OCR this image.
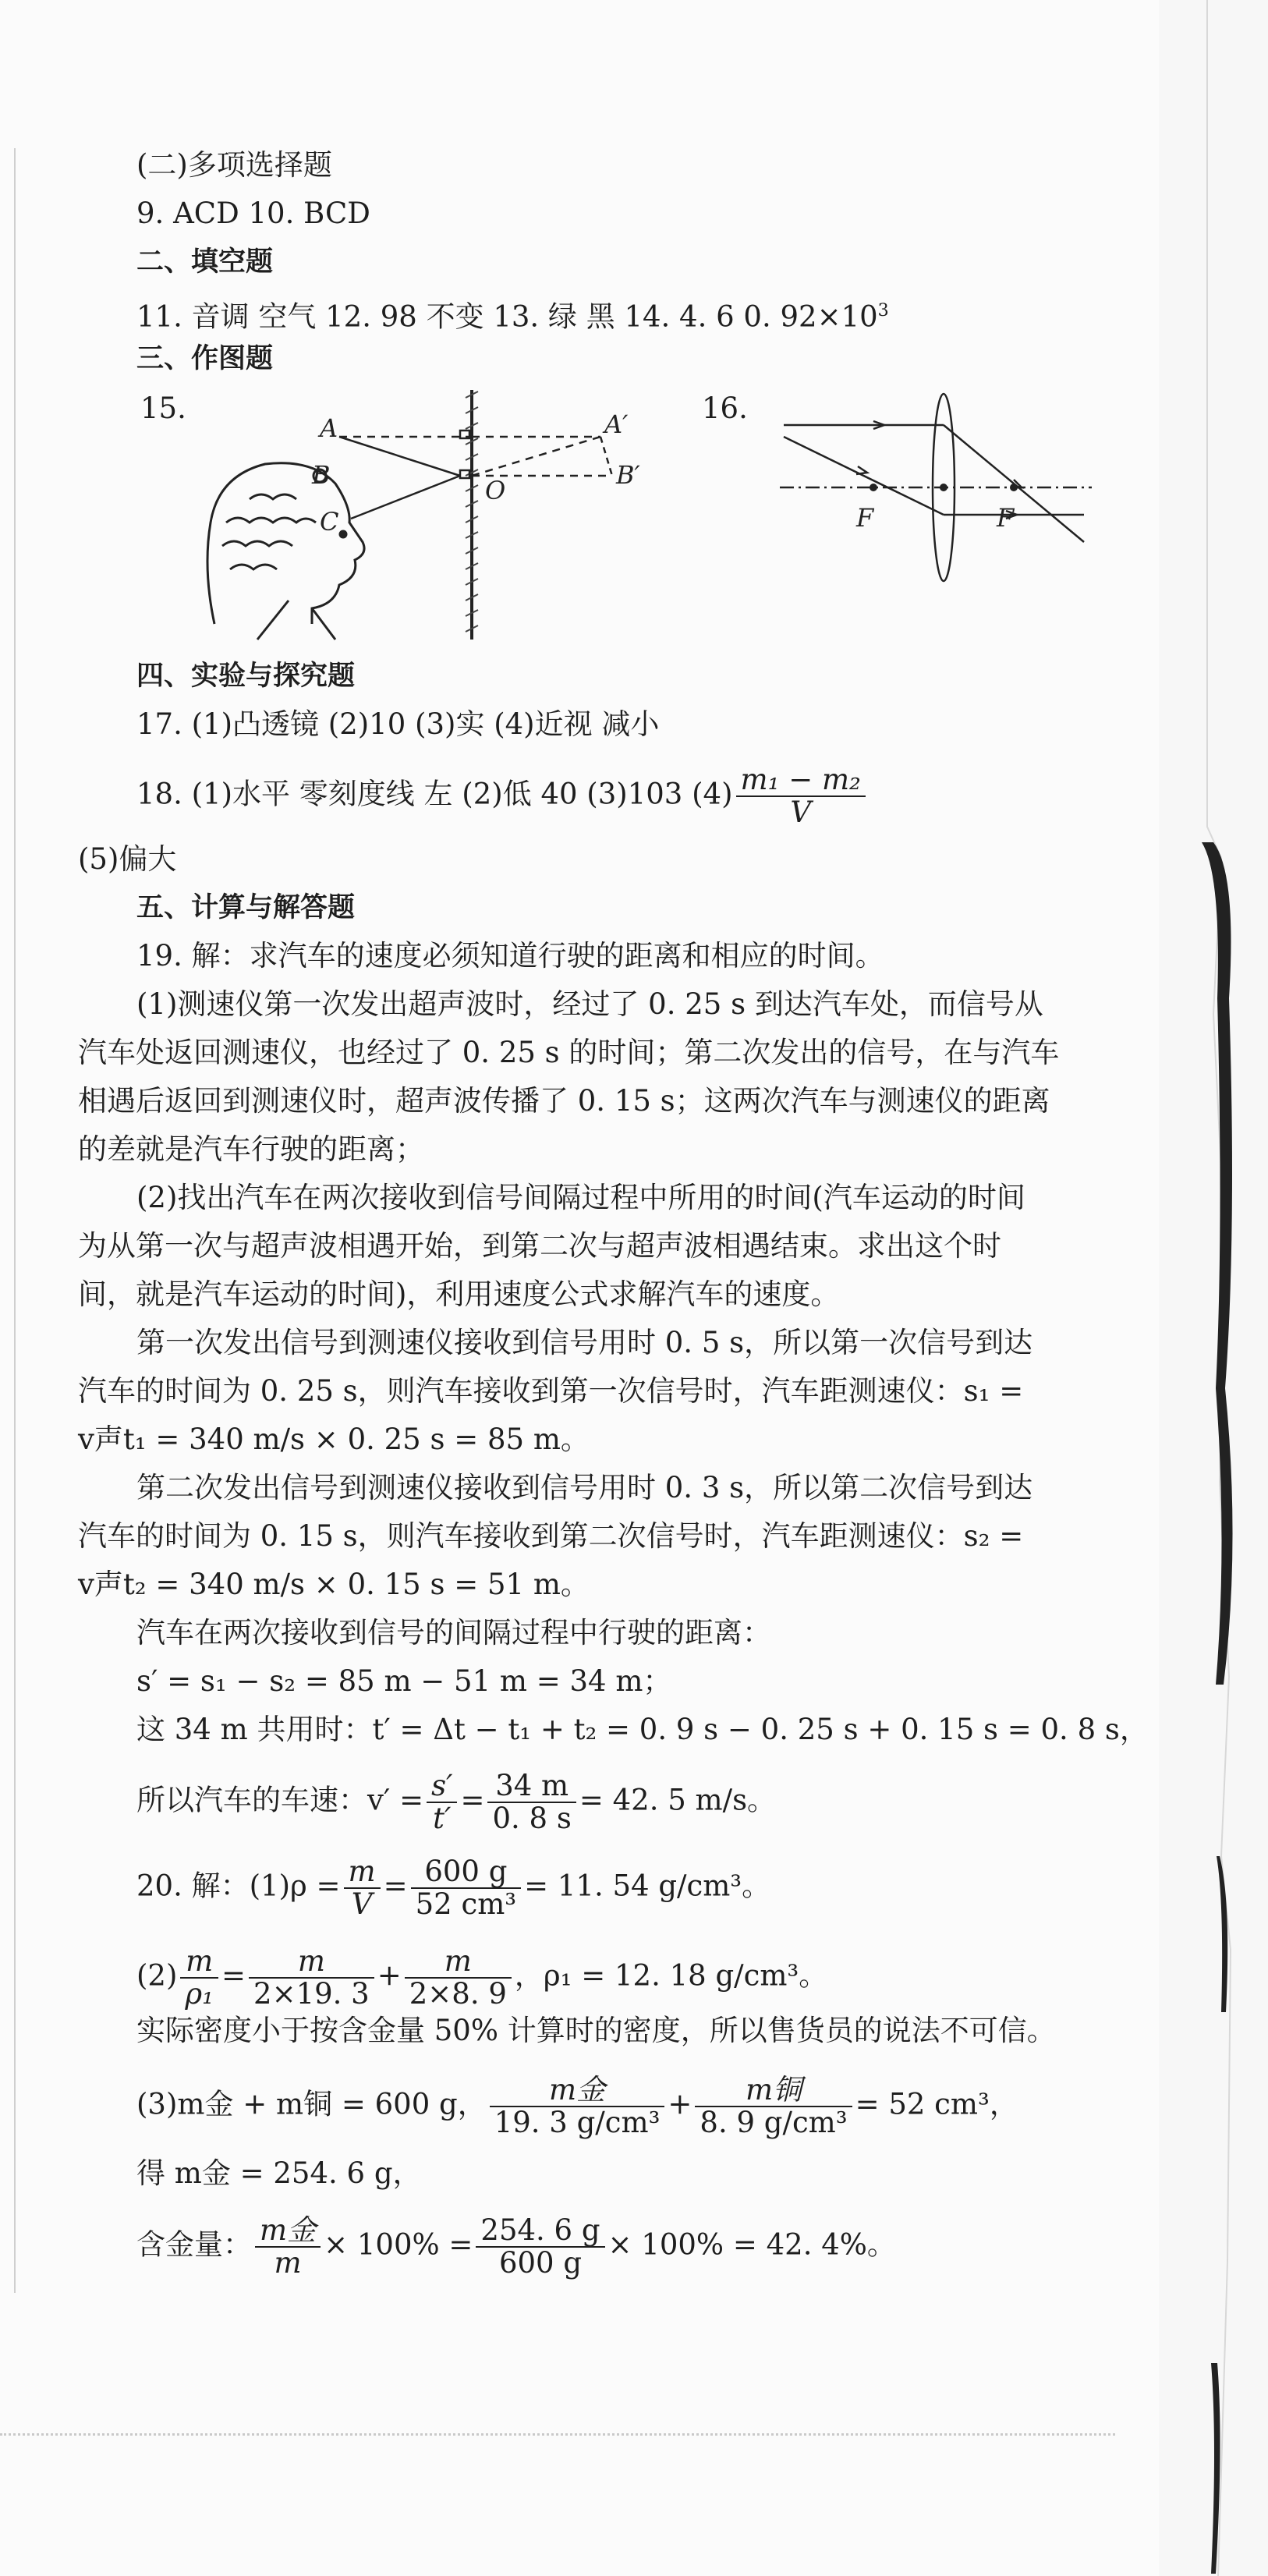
(二)多项选择题
9. ACD 10. BCD
二、填空题
11. 音调 空气 12. 98 不变 13. 绿 黑 14. 4. 6 0. $92\times 10^3$
三、作图题
15.
A	A′
B	B′
C
O
16.
F	F
四、实验与探究题
17. (1)凸透镜 (2)10 (3)实 (4)近视 减小
18. (1)水平 零刻度线 左 (2)低 40 (3)103 $(4) \frac{\text{m₁ − m₂}}{V}$
(5)偏大
五、计算与解答题
19. 解：求汽车的速度必须知道行驶的距离和相应的时间。
(1)测速仪第一次发出超声波时，经过了 0. 25 s 到达汽车处，而信号从
汽车处返回测速仪，也经过了 0. 25 s 的时间；第二次发出的信号，在与汽车
相遇后返回到测速仪时，超声波传播了 0. 15 s；这两次汽车与测速仪的距离
的差就是汽车行驶的距离；
(2)找出汽车在两次接收到信号间隔过程中所用的时间(汽车运动的时间
为从第一次与超声波相遇开始，到第二次与超声波相遇结束。求出这个时
间，就是汽车运动的时间)，利用速度公式求解汽车的速度。
第一次发出信号到测速仪接收到信号用时 0. 5 s，所以第一次信号到达
汽车的时间为 0. 25 s，则汽车接收到第一次信号时，汽车距测速仪：s₁ =
v声t₁ = 340 m/s × 0. 25 s = 85 m。
第二次发出信号到测速仪接收到信号用时 0. 3 s，所以第二次信号到达
汽车的时间为 0. 15 s，则汽车接收到第二次信号时，汽车距测速仪：s₂ =
v声t₂ = 340 m/s × 0. 15 s = 51 m。
汽车在两次接收到信号的间隔过程中行驶的距离：
s′ = s₁ − s₂ = 85 m − 51 m = 34 m；
这 34 m 共用时：t′ = Δt − t₁ + t₂ = 0. 9 s − 0. 25 s + 0. 15 s = 0. 8 s，
所以汽车的车速：$v' = \frac{s'}{t'} = \frac{34 m}{0. 8 s} = 42$. 5 m/s。
20. 解：$(1)\rho = \frac{m}{V} = \frac{600 g}{\text{52 cm³}} = 11$. 54 g/cm³。
$(2) \frac{m}{\text{ρ₁}} = \frac{m}{2\times 19. 3} + \frac{m}{2\times 8. 9}$ ，ρ₁ = 12. 18 g/cm³。
实际密度小于按含金量 50% 计算时的密度，所以售货员的说法不可信。
(3)m金 + m铜 = 600 g， $\frac{\text{m金}}{\text{19. 3 g/cm³}} + \frac{\text{m铜}}{\text{8. 9 g/cm³}} = 52$ cm³，
得 m金 = 254. 6 g，
含金量： $\frac{\text{m金}}{m} \times 100\% = \frac{254. 6 g}{600 g} \times 100\% = 42$. 4%。
